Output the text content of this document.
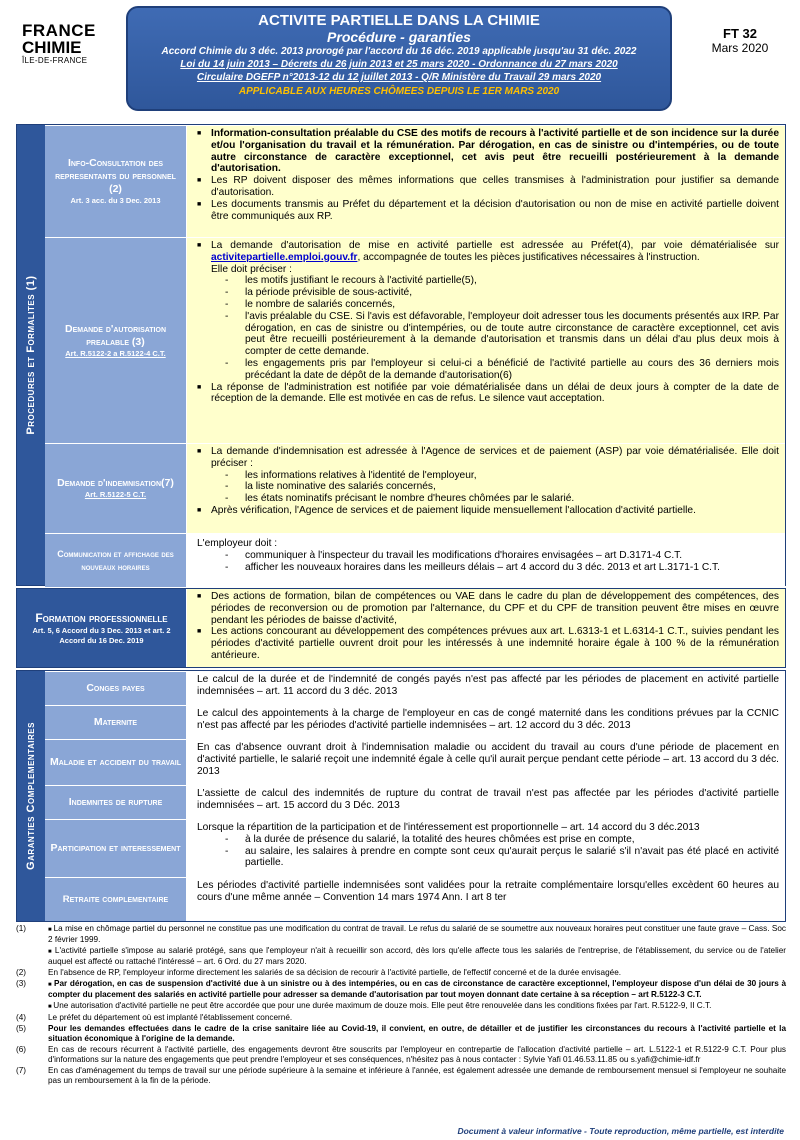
FRANCE
CHIMIE
ÎLE-DE-FRANCE
ACTIVITE PARTIELLE DANS LA CHIMIE
Procédure - garanties
Accord Chimie du 3 déc. 2013 prorogé par l'accord du 16 déc. 2019 applicable jusqu'au 31 déc. 2022
Loi du 14 juin 2013 – Décrets du 26 juin 2013 et 25 mars 2020 - Ordonnance du 27 mars 2020
Circulaire DGEFP n°2013-12 du 12 juillet 2013 - Q/R Ministère du Travail 29 mars 2020
APPLICABLE AUX HEURES CHÔMEES DEPUIS LE 1ER MARS 2020
FT 32
Mars 2020
Procedures et Formalites (1)
Info-Consultation des representants du personnel (2)
Art. 3 acc. du 3 Dec. 2013
■ Information-consultation préalable du CSE des motifs de recours à l'activité partielle et de son incidence sur la durée et/ou l'organisation du travail et la rémunération. Par dérogation, en cas de sinistre ou d'intempéries, ou de toute autre circonstance de caractère exceptionnel, cet avis peut être recueilli postérieurement à la demande d'autorisation.
■ Les RP doivent disposer des mêmes informations que celles transmises à l'administration pour justifier sa demande d'autorisation.
■ Les documents transmis au Préfet du département et la décision d'autorisation ou non de mise en activité partielle doivent être communiqués aux RP.
Demande d'autorisation prealable (3)
Art. R.5122-2 a R.5122-4 C.T.
■ La demande d'autorisation de mise en activité partielle est adressée au Préfet(4), par voie dématérialisée sur activitepartielle.emploi.gouv.fr, accompagnée de toutes les pièces justificatives nécessaires à l'instruction.
Elle doit préciser :
- les motifs justifiant le recours à l'activité partielle(5),
- la période prévisible de sous-activité,
- le nombre de salariés concernés,
- l'avis préalable du CSE. Si l'avis est défavorable, l'employeur doit adresser tous les documents présentés aux IRP. Par dérogation, en cas de sinistre ou d'intempéries, ou de toute autre circonstance de caractère exceptionnel, cet avis peut être recueilli postérieurement à la demande d'autorisation et transmis dans un délai d'au plus deux mois à compter de cette demande.
- les engagements pris par l'employeur si celui-ci a bénéficié de l'activité partielle au cours des 36 derniers mois précédant la date de dépôt de la demande d'autorisation(6)
■ La réponse de l'administration est notifiée par voie dématérialisée dans un délai de deux jours à compter de la date de réception de la demande. Elle est motivée en cas de refus. Le silence vaut acceptation.
Demande d'indemnisation(7)
Art. R.5122-5 C.T.
■ La demande d'indemnisation est adressée à l'Agence de services et de paiement (ASP) par voie dématérialisée. Elle doit préciser :
- les informations relatives à l'identité de l'employeur,
- la liste nominative des salariés concernés,
- les états nominatifs précisant le nombre d'heures chômées par le salarié.
■ Après vérification, l'Agence de services et de paiement liquide mensuellement l'allocation d'activité partielle.
Communication et affichage des nouveaux horaires
L'employeur doit :
- communiquer à l'inspecteur du travail les modifications d'horaires envisagées – art D.3171-4 C.T.
- afficher les nouveaux horaires dans les meilleurs délais – art 4 accord du 3 déc. 2013 et art L.3171-1 C.T.
Formation professionnelle
Art. 5, 6 Accord du 3 Dec. 2013 et art. 2 Accord du 16 Dec. 2019
■ Des actions de formation, bilan de compétences ou VAE dans le cadre du plan de développement des compétences, des périodes de reconversion ou de promotion par l'alternance, du CPF et du CPF de transition peuvent être mises en œuvre pendant les périodes de baisse d'activité,
■ Les actions concourant au développement des compétences prévues aux art. L.6313-1 et L.6314-1 C.T., suivies pendant les périodes d'activité partielle ouvrent droit pour les intéressés à une indemnité horaire égale à 100 % de la rémunération antérieure.
Garanties Complementaires
Conges payes
Le calcul de la durée et de l'indemnité de congés payés n'est pas affecté par les périodes de placement en activité partielle indemnisées – art. 11 accord du 3 déc. 2013
Maternite
Le calcul des appointements à la charge de l'employeur en cas de congé maternité dans les conditions prévues par la CCNIC n'est pas affecté par les périodes d'activité partielle indemnisées – art. 12 accord du 3 déc. 2013
Maladie et accident du travail
En cas d'absence ouvrant droit à l'indemnisation maladie ou accident du travail au cours d'une période de placement en d'activité partielle, le salarié reçoit une indemnité égale à celle qu'il aurait perçue pendant cette période – art. 13 accord du 3 déc. 2013
Indemnites de rupture
L'assiette de calcul des indemnités de rupture du contrat de travail n'est pas affectée par les périodes d'activité partielle indemnisées – art. 15 accord du 3 Déc. 2013
Participation et interessement
Lorsque la répartition de la participation et de l'intéressement est proportionnelle – art. 14 accord du 3 déc.2013
- à la durée de présence du salarié, la totalité des heures chômées est prise en compte,
- au salaire, les salaires à prendre en compte sont ceux qu'aurait perçus le salarié s'il n'avait pas été placé en activité partielle.
Retraite complementaire
Les périodes d'activité partielle indemnisées sont validées pour la retraite complémentaire lorsqu'elles excèdent 60 heures au cours d'une même année – Convention 14 mars 1974 Ann. I art 8 ter
(1) ■	La mise en chômage partiel du personnel ne constitue pas une modification du contrat de travail. Le refus du salarié de se soumettre aux nouveaux horaires peut constituer une faute grave – Cass. Soc 2 février 1999.
■ L'activité partielle s'impose au salarié protégé, sans que l'employeur n'ait à recueillir son accord, dès lors qu'elle affecte tous les salariés de l'entreprise, de l'établissement, du service ou de l'atelier auquel est affecté ou rattaché l'intéressé – art. 6 Ord. du 27 mars 2020.
(2)	En l'absence de RP, l'employeur informe directement les salariés de sa décision de recourir à l'activité partielle, de l'effectif concerné et de la durée envisagée.
(3) ■	Par dérogation, en cas de suspension d'activité due à un sinistre ou à des intempéries, ou en cas de circonstance de caractère exceptionnel, l'employeur dispose d'un délai de 30 jours à compter du placement des salariés en activité partielle pour adresser sa demande d'autorisation par tout moyen donnant date certaine à sa réception – art R.5122-3 C.T.
■ Une autorisation d'activité partielle ne peut être accordée que pour une durée maximum de douze mois. Elle peut être renouvelée dans les conditions fixées par l'art. R.5122-9, II C.T.
(4)	Le préfet du département où est implanté l'établissement concerné.
(5)	Pour les demandes effectuées dans le cadre de la crise sanitaire liée au Covid-19, il convient, en outre, de détailler et de justifier les circonstances du recours à l'activité partielle et la situation économique à l'origine de la demande.
(6)	En cas de recours récurrent à l'activité partielle, des engagements devront être souscrits par l'employeur en contrepartie de l'allocation d'activité partielle – art. L.5122-1 et R.5122-9 C.T. Pour plus d'informations sur la nature des engagements que peut prendre l'employeur et ses conséquences, n'hésitez pas à nous contacter : Sylvie Yafi 01.46.53.11.85 ou s.yafi@chimie-idf.fr
(7)	En cas d'aménagement du temps de travail sur une période supérieure à la semaine et inférieure à l'année, est également adressée une demande de remboursement mensuel si l'employeur ne souhaite pas un remboursement à la fin de la période.
Document à valeur informative - Toute reproduction, même partielle, est interdite
